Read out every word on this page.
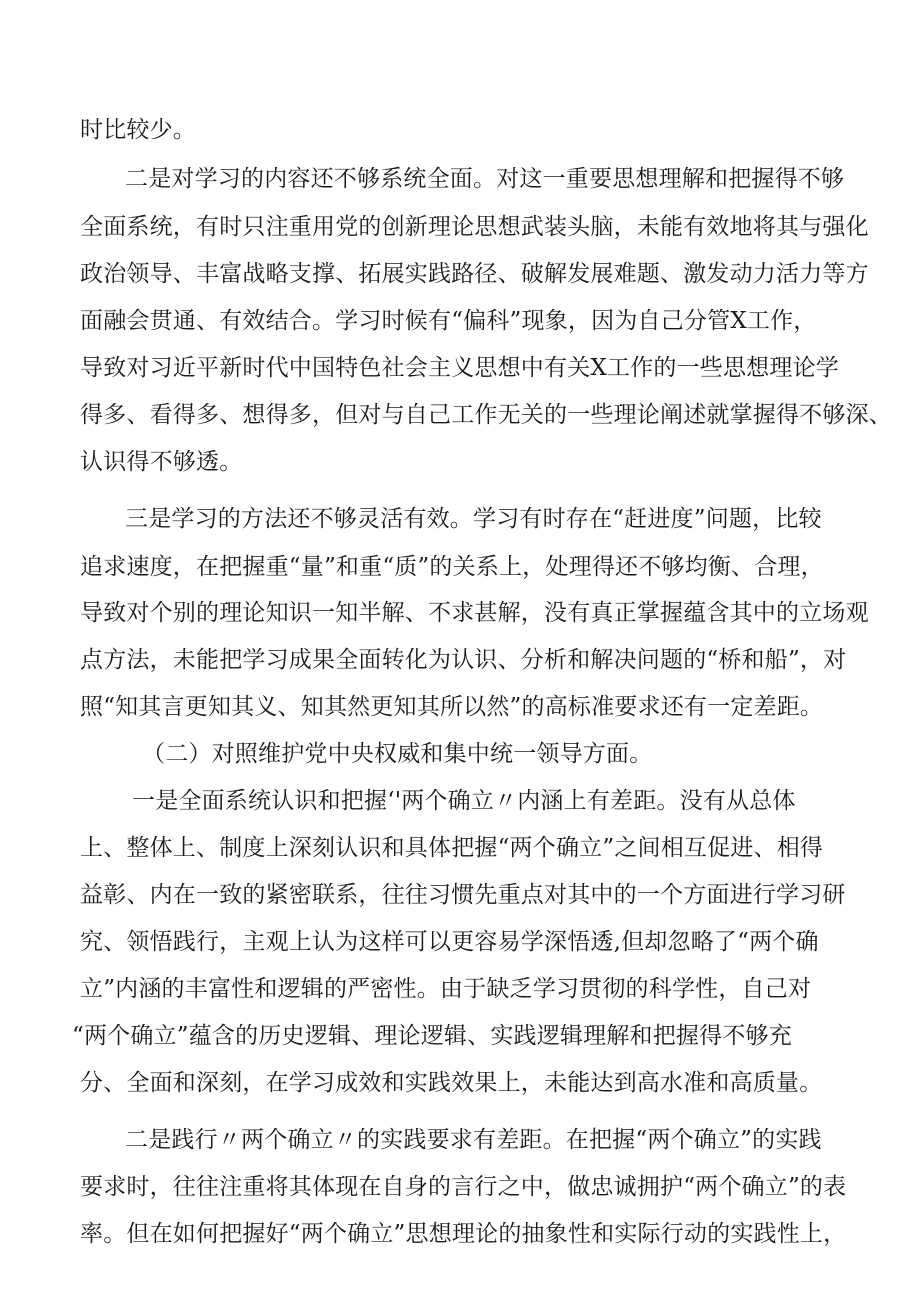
时比较少。
二是对学习的内容还不够系统全面。对这一重要思想理解和把握得不够
全面系统，有时只注重用党的创新理论思想武装头脑，未能有效地将其与强化
政治领导、丰富战略支撑、拓展实践路径、破解发展难题、激发动力活力等方
面融会贯通、有效结合。学习时候有“偏科”现象，因为自己分管X工作，
导致对习近平新时代中国特色社会主义思想中有关X工作的一些思想理论学
得多、看得多、想得多，但对与自己工作无关的一些理论阐述就掌握得不够深、
认识得不够透。
三是学习的方法还不够灵活有效。学习有时存在“赶进度”问题，比较
追求速度，在把握重“量”和重“质”的关系上，处理得还不够均衡、合理，
导致对个别的理论知识一知半解、不求甚解，没有真正掌握蕴含其中的立场观
点方法，未能把学习成果全面转化为认识、分析和解决问题的“桥和船”，对
照“知其言更知其义、知其然更知其所以然”的高标准要求还有一定差距。
（二）对照维护党中央权威和集中统一领导方面。
一是全面系统认识和把握‘'两个确立〃内涵上有差距。没有从总体
上、整体上、制度上深刻认识和具体把握“两个确立”之间相互促进、相得
益彰、内在一致的紧密联系，往往习惯先重点对其中的一个方面进行学习研
究、领悟践行，主观上认为这样可以更容易学深悟透,但却忽略了“两个确
立”内涵的丰富性和逻辑的严密性。由于缺乏学习贯彻的科学性，自己对
“两个确立”蕴含的历史逻辑、理论逻辑、实践逻辑理解和把握得不够充
分、全面和深刻，在学习成效和实践效果上，未能达到高水准和高质量。
二是践行〃两个确立〃的实践要求有差距。在把握“两个确立”的实践
要求时，往往注重将其体现在自身的言行之中，做忠诚拥护“两个确立”的表
率。但在如何把握好“两个确立”思想理论的抽象性和实际行动的实践性上，
